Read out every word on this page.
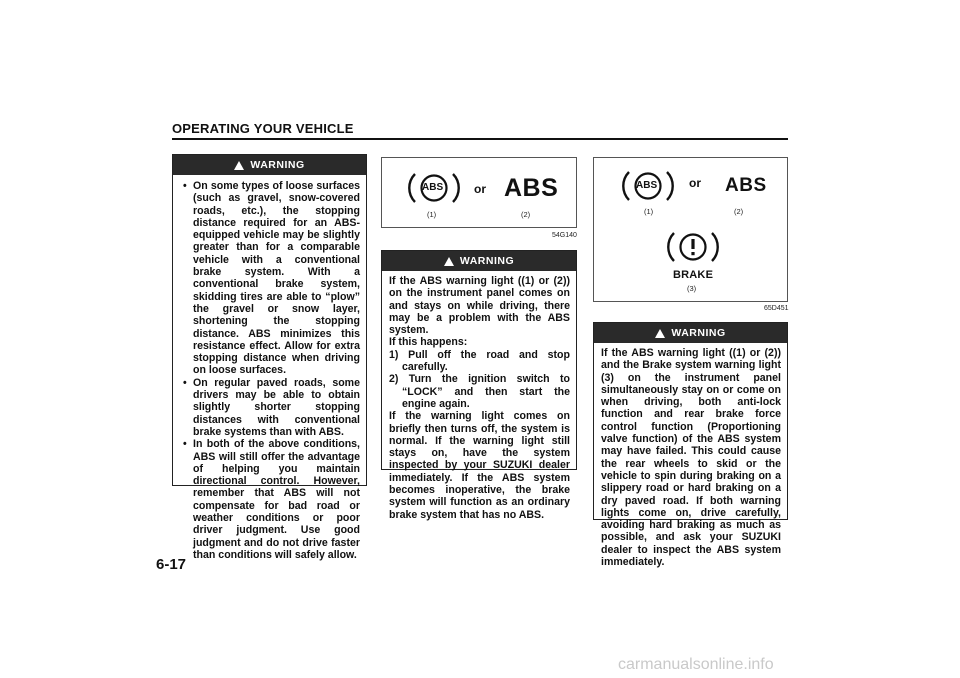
OPERATING YOUR VEHICLE
WARNING
• On some types of loose surfaces (such as gravel, snow-covered roads, etc.), the stopping distance required for an ABS-equipped vehicle may be slightly greater than for a comparable vehicle with a conventional brake system. With a conventional brake system, skidding tires are able to “plow” the gravel or snow layer, shortening the stopping distance. ABS minimizes this resistance effect. Allow for extra stopping distance when driving on loose surfaces.
• On regular paved roads, some drivers may be able to obtain slightly shorter stopping distances with conventional brake systems than with ABS.
• In both of the above conditions, ABS will still offer the advantage of helping you maintain directional control. However, remember that ABS will not compensate for bad road or weather conditions or poor driver judgment. Use good judgment and do not drive faster than conditions will safely allow.
ABS	or ABS
(1)	(2)
54G140
WARNING

If the ABS warning light ((1) or (2)) on the instrument panel comes on and stays on while driving, there may be a problem with the ABS system.

If this happens:

1) Pull off the road and stop carefully.
2) Turn the ignition switch to “LOCK” and then start the engine again.

If the warning light comes on briefly then turns off, the system is normal. If the warning light still stays on, have the system inspected by your SUZUKI dealer immediately. If the ABS system becomes inoperative, the brake system will function as an ordinary brake system that has no ABS.

ABS	or ABS
(1)	(2)
BRAKE
(3)
65D451
WARNING

If the ABS warning light ((1) or (2)) and the Brake system warning light (3) on the instrument panel simultaneously stay on or come on when driving, both anti-lock function and rear brake force control function (Proportioning valve function) of the ABS system may have failed. This could cause the rear wheels to skid or the vehicle to spin during braking on a slippery road or hard braking on a dry paved road. If both warning lights come on, drive carefully, avoiding hard braking as much as possible, and ask your SUZUKI dealer to inspect the ABS system immediately.

6-17
carmanualsonline.info
